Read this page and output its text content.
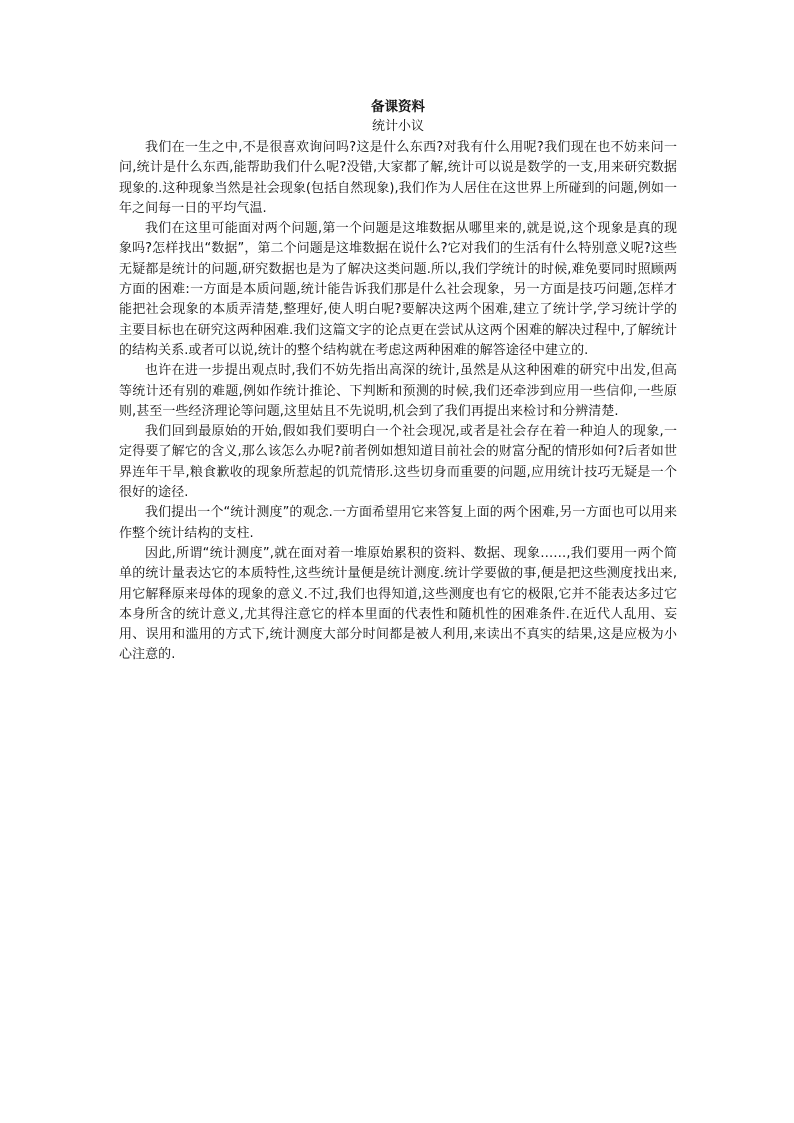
备课资料
统计小议

我们在一生之中,不是很喜欢询问吗?这是什么东西?对我有什么用呢?我们现在也不妨来问一问,统计是什么东西,能帮助我们什么呢?没错,大家都了解,统计可以说是数学的一支,用来研究数据现象的.这种现象当然是社会现象(包括自然现象),我们作为人居住在这世界上所碰到的问题,例如一年之间每一日的平均气温.

我们在这里可能面对两个问题,第一个问题是这堆数据从哪里来的,就是说,这个现象是真的现象吗?怎样找出“数据”，第二个问题是这堆数据在说什么?它对我们的生活有什么特别意义呢?这些无疑都是统计的问题,研究数据也是为了解决这类问题.所以,我们学统计的时候,难免要同时照顾两方面的困难:一方面是本质问题,统计能告诉我们那是什么社会现象，另一方面是技巧问题,怎样才能把社会现象的本质弄清楚,整理好,使人明白呢?要解决这两个困难,建立了统计学,学习统计学的主要目标也在研究这两种困难.我们这篇文字的论点更在尝试从这两个困难的解决过程中,了解统计的结构关系.或者可以说,统计的整个结构就在考虑这两种困难的解答途径中建立的.

也许在进一步提出观点时,我们不妨先指出高深的统计,虽然是从这种困难的研究中出发,但高等统计还有别的难题,例如作统计推论、下判断和预测的时候,我们还牵涉到应用一些信仰,一些原则,甚至一些经济理论等问题,这里姑且不先说明,机会到了我们再提出来检讨和分辨清楚.

我们回到最原始的开始,假如我们要明白一个社会现况,或者是社会存在着一种迫人的现象,一定得要了解它的含义,那么该怎么办呢?前者例如想知道目前社会的财富分配的情形如何?后者如世界连年干旱,粮食歉收的现象所惹起的饥荒情形.这些切身而重要的问题,应用统计技巧无疑是一个很好的途径.

我们提出一个“统计测度”的观念.一方面希望用它来答复上面的两个困难,另一方面也可以用来作整个统计结构的支柱.

因此,所谓“统计测度”,就在面对着一堆原始累积的资料、数据、现象……,我们要用一两个简单的统计量表达它的本质特性,这些统计量便是统计测度.统计学要做的事,便是把这些测度找出来,用它解释原来母体的现象的意义.不过,我们也得知道,这些测度也有它的极限,它并不能表达多过它本身所含的统计意义,尤其得注意它的样本里面的代表性和随机性的困难条件.在近代人乱用、妄用、误用和滥用的方式下,统计测度大部分时间都是被人利用,来读出不真实的结果,这是应极为小心注意的.
